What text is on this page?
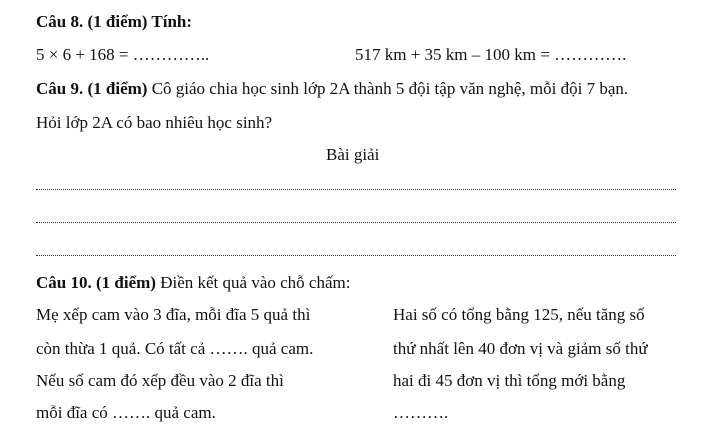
Câu 8. (1 điểm) Tính:
5 × 6 + 168 = …………..	517 km + 35 km – 100 km = ………….
Câu 9. (1 điểm) Cô giáo chia học sinh lớp 2A thành 5 đội tập văn nghệ, mỗi đội 7 bạn.
Hỏi lớp 2A có bao nhiêu học sinh?
Bài giải
Câu 10. (1 điểm) Điền kết quả vào chỗ chấm:
Mẹ xếp cam vào 3 đĩa, mỗi đĩa 5 quả thì
còn thừa 1 quả. Có tất cả ……. quả cam.
Nếu số cam đó xếp đều vào 2 đĩa thì
mỗi đĩa có ……. quả cam.
Hai số có tổng bằng 125, nếu tăng số
thứ nhất lên 40 đơn vị và giảm số thứ
hai đi 45 đơn vị thì tổng mới bằng
……….
